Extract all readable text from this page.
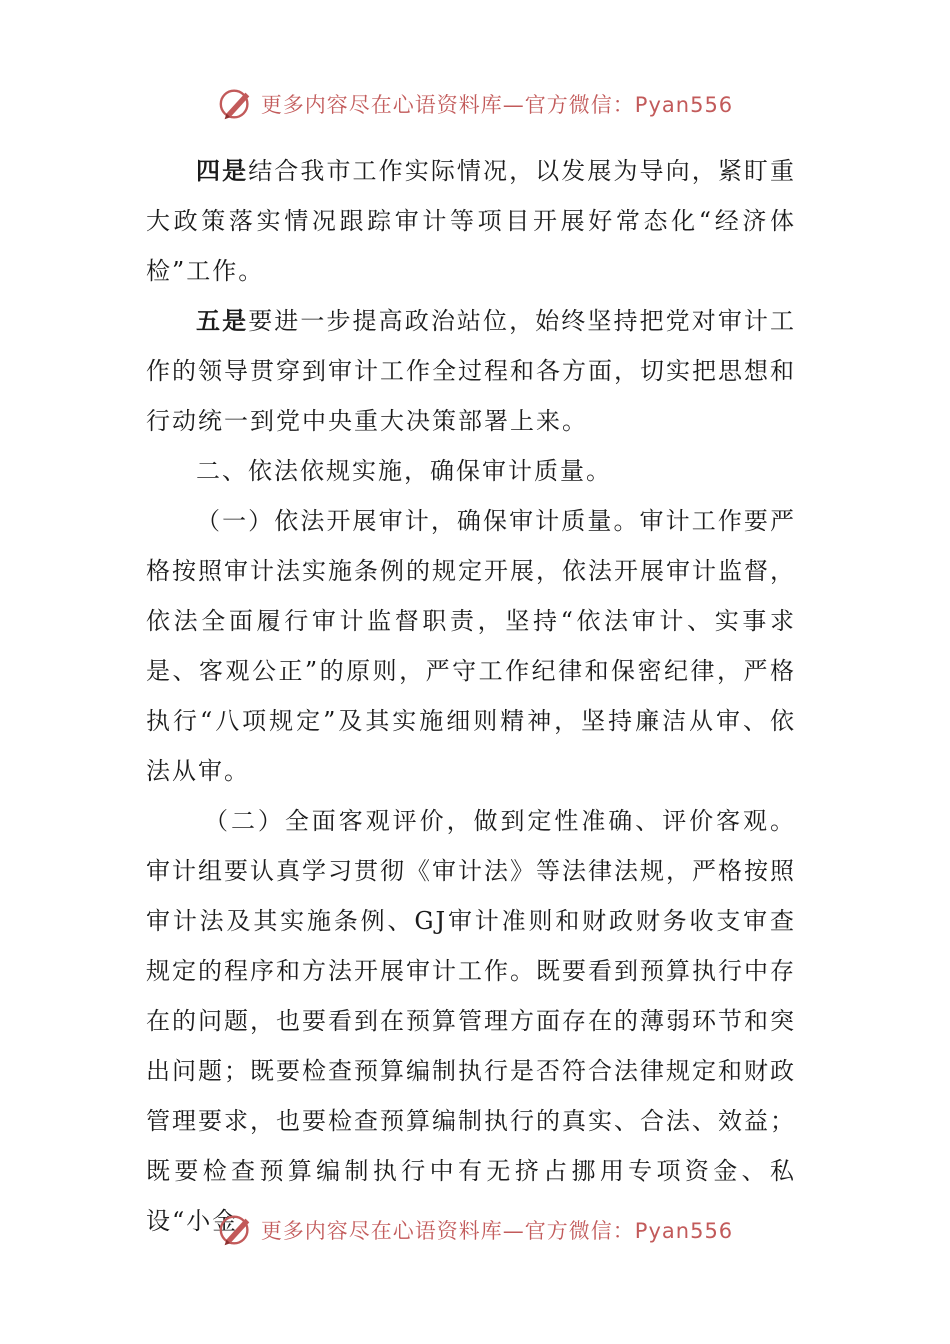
更多内容尽在心语资料库—官方微信：Pyan556

四是结合我市工作实际情况，以发展为导向，紧盯重大政策落实情况跟踪审计等项目开展好常态化“经济体检”工作。

五是要进一步提高政治站位，始终坚持把党对审计工作的领导贯穿到审计工作全过程和各方面，切实把思想和行动统一到党中央重大决策部署上来。

二、依法依规实施，确保审计质量。

（一）依法开展审计，确保审计质量。审计工作要严格按照审计法实施条例的规定开展，依法开展审计监督，依法全面履行审计监督职责，坚持“依法审计、实事求是、客观公正”的原则，严守工作纪律和保密纪律，严格执行“八项规定”及其实施细则精神，坚持廉洁从审、依法从审。

（二）全面客观评价，做到定性准确、评价客观。审计组要认真学习贯彻《审计法》等法律法规，严格按照审计法及其实施条例、GJ审计准则和财政财务收支审查规定的程序和方法开展审计工作。既要看到预算执行中存在的问题，也要看到在预算管理方面存在的薄弱环节和突出问题；既要检查预算编制执行是否符合法律规定和财政管理要求，也要检查预算编制执行的真实、合法、效益；既要检查预算编制执行中有无挤占挪用专项资金、私设“小金	更多内容尽在心语资料库—官方微信：Pyan556
